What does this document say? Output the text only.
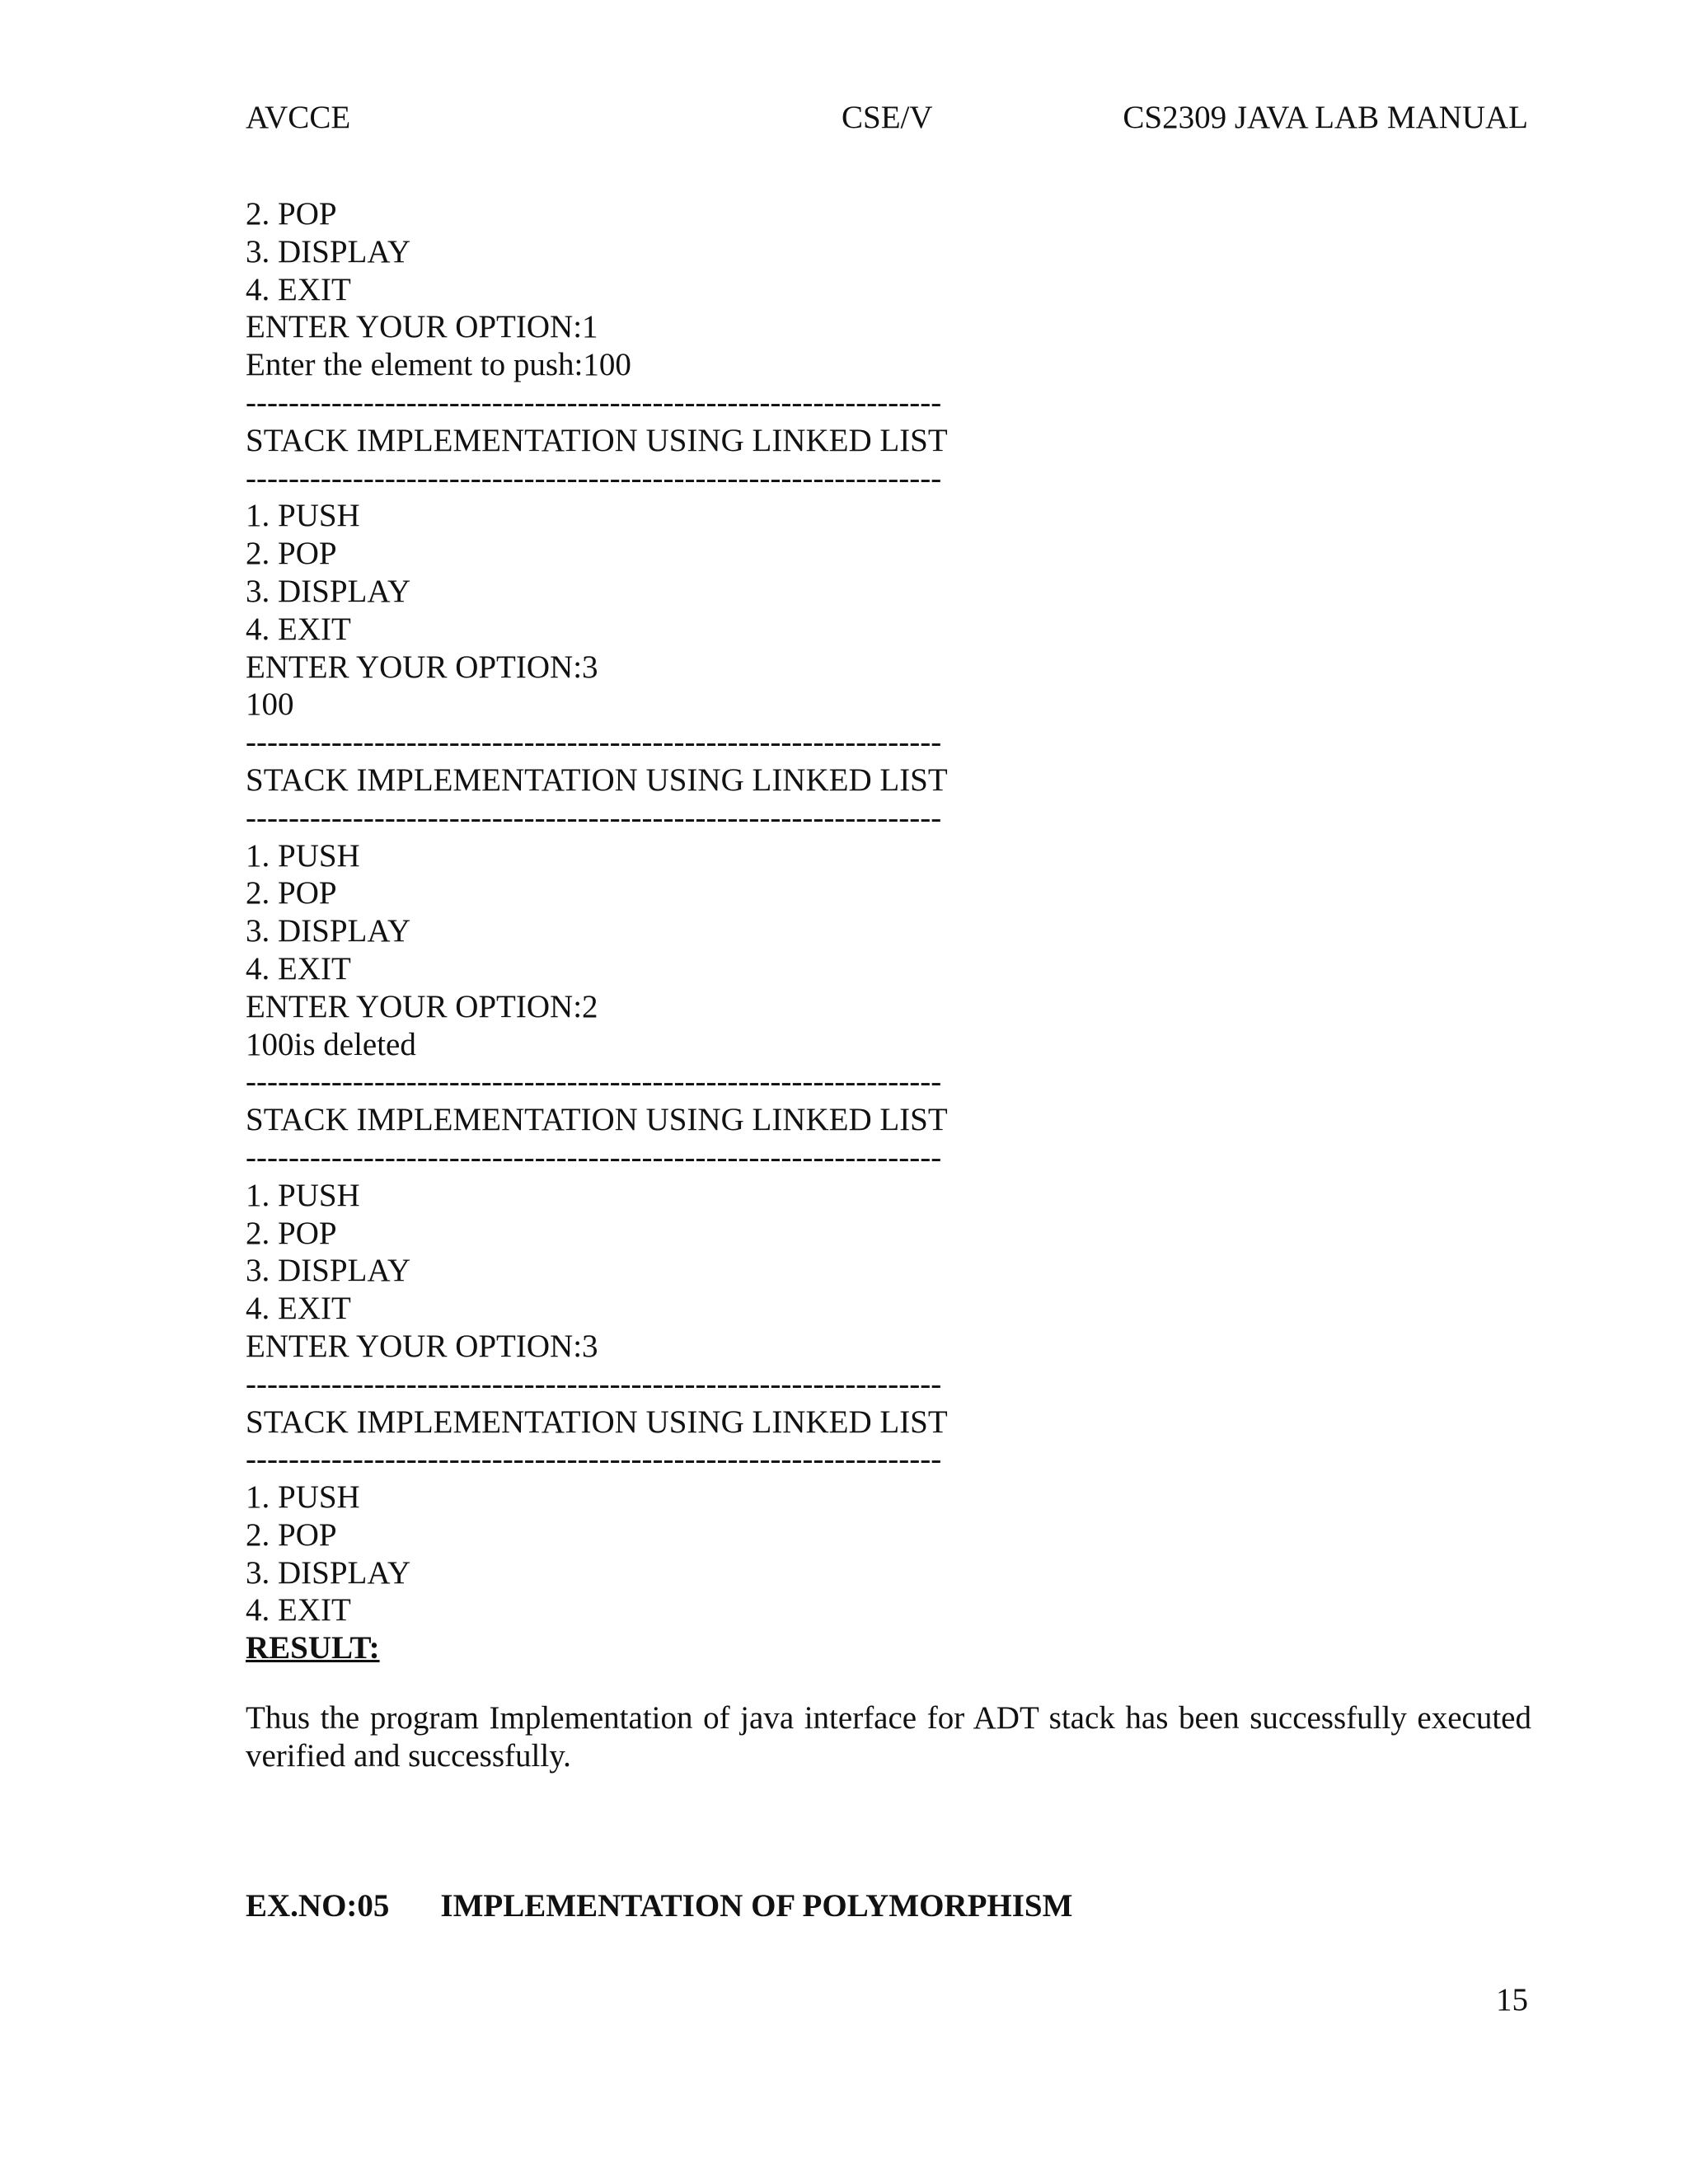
AVCCE	CSE/V	CS2309 JAVA LAB MANUAL
2. POP
3. DISPLAY
4. EXIT
ENTER YOUR OPTION:1
Enter the element to push:100
-----------------------------------------------------------------
STACK IMPLEMENTATION USING LINKED LIST
-----------------------------------------------------------------
1. PUSH
2. POP
3. DISPLAY
4. EXIT
ENTER YOUR OPTION:3
100
-----------------------------------------------------------------
STACK IMPLEMENTATION USING LINKED LIST
-----------------------------------------------------------------
1. PUSH
2. POP
3. DISPLAY
4. EXIT
ENTER YOUR OPTION:2
100is deleted
-----------------------------------------------------------------
STACK IMPLEMENTATION USING LINKED LIST
-----------------------------------------------------------------
1. PUSH
2. POP
3. DISPLAY
4. EXIT
ENTER YOUR OPTION:3
-----------------------------------------------------------------
STACK IMPLEMENTATION USING LINKED LIST
-----------------------------------------------------------------
1. PUSH
2. POP
3. DISPLAY
4. EXIT
RESULT:
Thus the program Implementation of java interface for ADT stack has been successfully executed verified and successfully.
EX.NO:05 IMPLEMENTATION OF POLYMORPHISM
15
